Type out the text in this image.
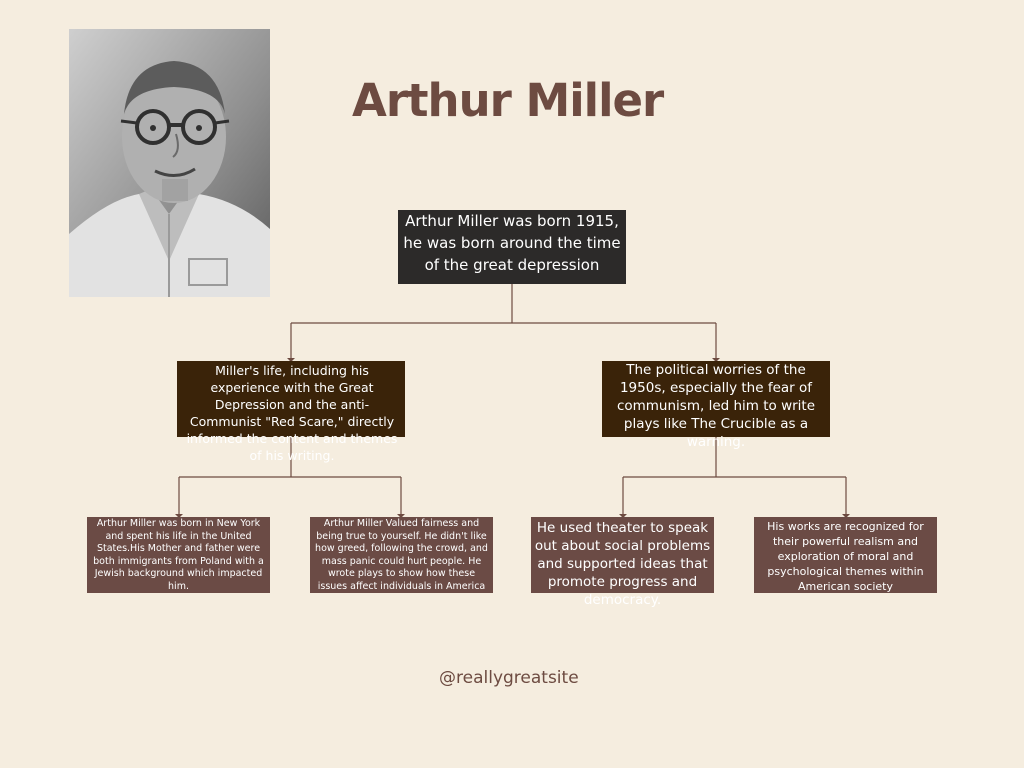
Arthur Miller
Arthur Miller was born 1915, he was born around the time of the great depression
Miller's life, including his experience with the Great Depression and the anti-Communist "Red Scare," directly informed the content and themes of his writing.
The political worries of the 1950s, especially the fear of communism, led him to write plays like The Crucible as a warning.
Arthur Miller was born in New York and spent his life in the United States.His Mother and father were both immigrants from Poland with a Jewish background which impacted him.
Arthur Miller Valued fairness and being true to yourself. He didn't like how greed, following the crowd, and mass panic could hurt people. He wrote plays to show how these issues affect individuals in America
He used theater to speak out about social problems and supported ideas that promote progress and democracy.
His works are recognized for their powerful realism and exploration of moral and psychological themes within American society
@reallygreatsite
